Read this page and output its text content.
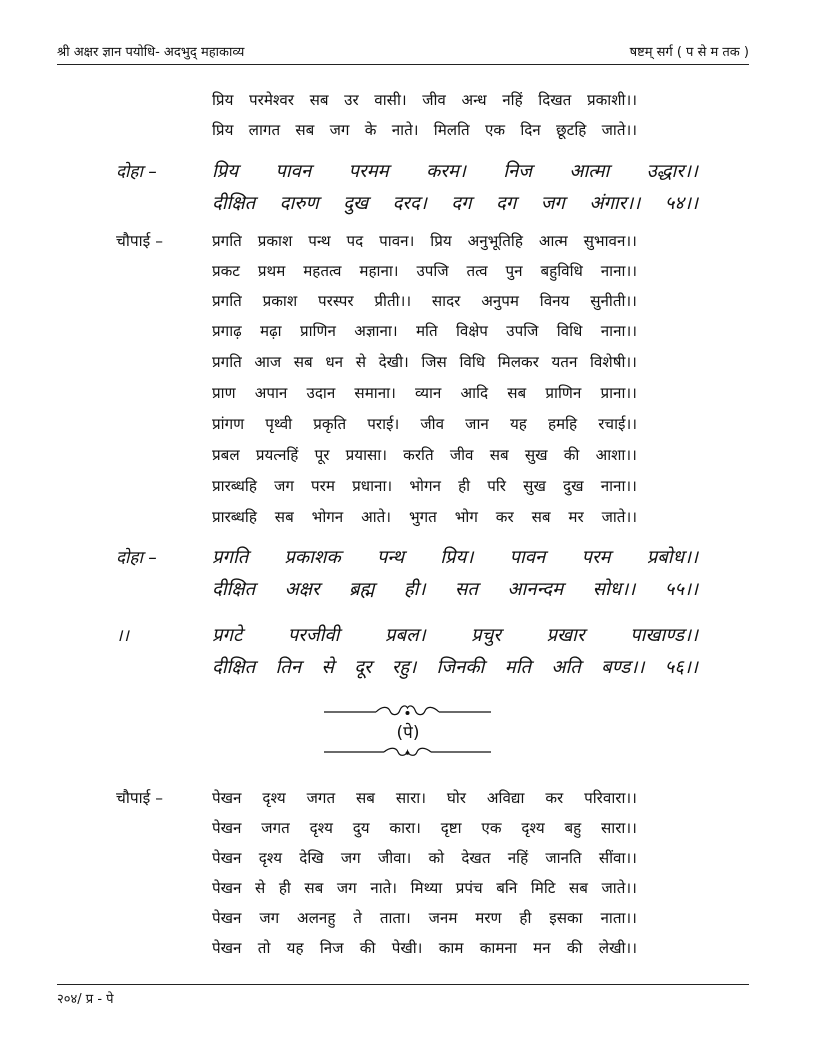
श्री अक्षर ज्ञान पयोधि- अदभुद् महाकाव्य	षष्टम् सर्ग ( प से म तक )
प्रिय परमेश्वर सब उर वासी। जीव अन्ध नहिं दिखत प्रकाशी।।
प्रिय लागत सब जग के नाते। मिलति एक दिन छूटहि जाते।।
दोहा –	प्रिय पावन परमम करम। निज आत्मा उद्धार।।
दीक्षित दारुण दुख दरद। दग दग जग अंगार।। ५४।।
चौपाई –	प्रगति प्रकाश पन्थ पद पावन। प्रिय अनुभूतिहि आत्म सुभावन।।
प्रकट प्रथम महतत्व महाना। उपजि तत्व पुन बहुविधि नाना।।
प्रगति प्रकाश परस्पर प्रीती।। सादर अनुपम विनय सुनीती।।
प्रगाढ़ मढ़ा प्राणिन अज्ञाना। मति विक्षेप उपजि विधि नाना।।
प्रगति आज सब धन से देखी। जिस विधि मिलकर यतन विशेषी।।
प्राण अपान उदान समाना। व्यान आदि सब प्राणिन प्राना।।
प्रांगण पृथ्वी प्रकृति पराई। जीव जान यह हमहि रचाई।।
प्रबल प्रयत्नहिं पूर प्रयासा। करति जीव सब सुख की आशा।।
प्रारब्धहि जग परम प्रधाना। भोगन ही परि सुख दुख नाना।।
प्रारब्धहि सब भोगन आते। भुगत भोग कर सब मर जाते।।
दोहा –	प्रगति प्रकाशक पन्थ प्रिय। पावन परम प्रबोध।।
दीक्षित अक्षर ब्रह्म ही। सत आनन्दम सोध।। ५५।।
।।	प्रगटे परजीवी प्रबल। प्रचुर प्रखार पाखाण्ड।।
दीक्षित तिन से दूर रहु। जिनकी मति अति बण्ड।। ५६।।
(पे)
चौपाई –	पेखन दृश्य जगत सब सारा। घोर अविद्या कर परिवारा।।
पेखन जगत दृश्य दुय कारा। दृष्टा एक दृश्य बहु सारा।।
पेखन दृश्य देखि जग जीवा। को देखत नहिं जानति सींवा।।
पेखन से ही सब जग नाते। मिथ्या प्रपंच बनि मिटि सब जाते।।
पेखन जग अलनहु ते ताता। जनम मरण ही इसका नाता।।
पेखन तो यह निज की पेखी। काम कामना मन की लेखी।।
२०४/ प्र - पे
